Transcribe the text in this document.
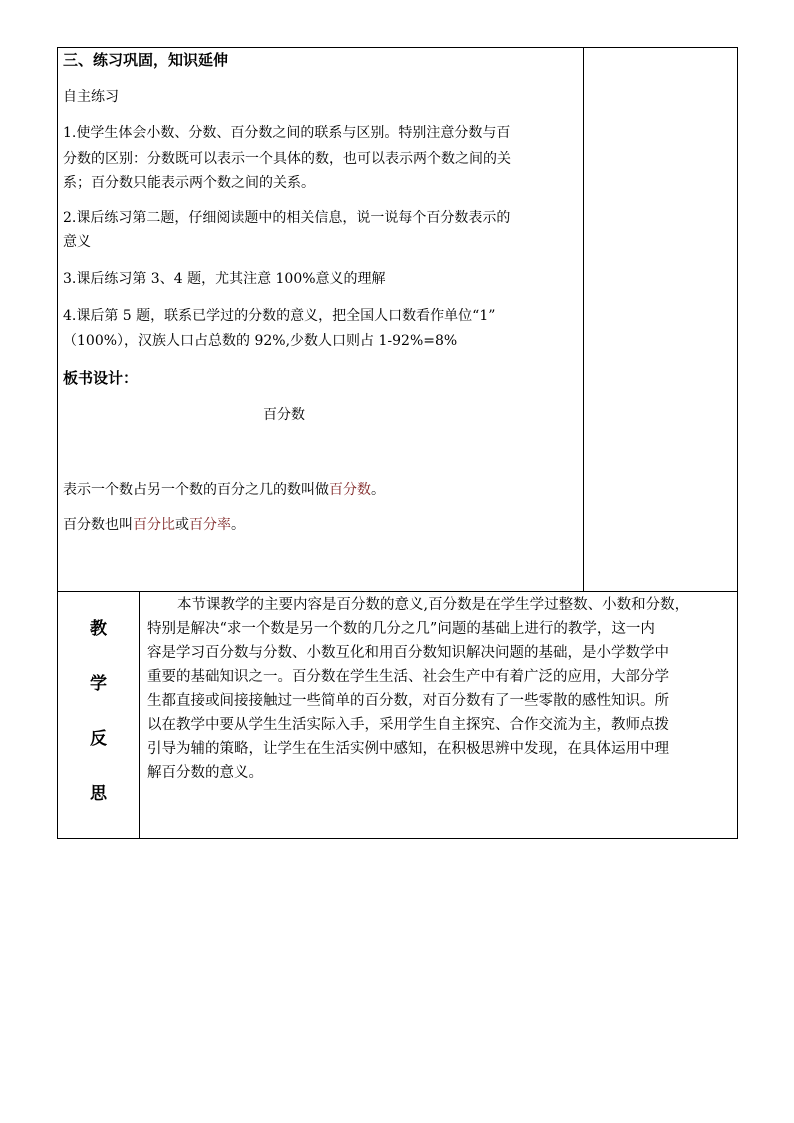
三、练习巩固，知识延伸
自主练习
1.使学生体会小数、分数、百分数之间的联系与区别。特别注意分数与百
分数的区别：分数既可以表示一个具体的数，也可以表示两个数之间的关
系；百分数只能表示两个数之间的关系。
2.课后练习第二题，仔细阅读题中的相关信息，说一说每个百分数表示的
意义
3.课后练习第 3、4 题，尤其注意 100%意义的理解
4.课后第 5 题，联系已学过的分数的意义，把全国人口数看作单位“1”
（100%），汉族人口占总数的 92%,少数人口则占 1-92%=8%
板书设计：
百分数
表示一个数占另一个数的百分之几的数叫做百分数。
百分数也叫百分比或百分率。
教
学
反
思
本节课教学的主要内容是百分数的意义,百分数是在学生学过整数、小数和分数，
特别是解决“求一个数是另一个数的几分之几”问题的基础上进行的教学，这一内
容是学习百分数与分数、小数互化和用百分数知识解决问题的基础，是小学数学中
重要的基础知识之一。百分数在学生生活、社会生产中有着广泛的应用，大部分学
生都直接或间接接触过一些简单的百分数，对百分数有了一些零散的感性知识。所
以在教学中要从学生生活实际入手，采用学生自主探究、合作交流为主，教师点拨
引导为辅的策略，让学生在生活实例中感知，在积极思辨中发现，在具体运用中理
解百分数的意义。
